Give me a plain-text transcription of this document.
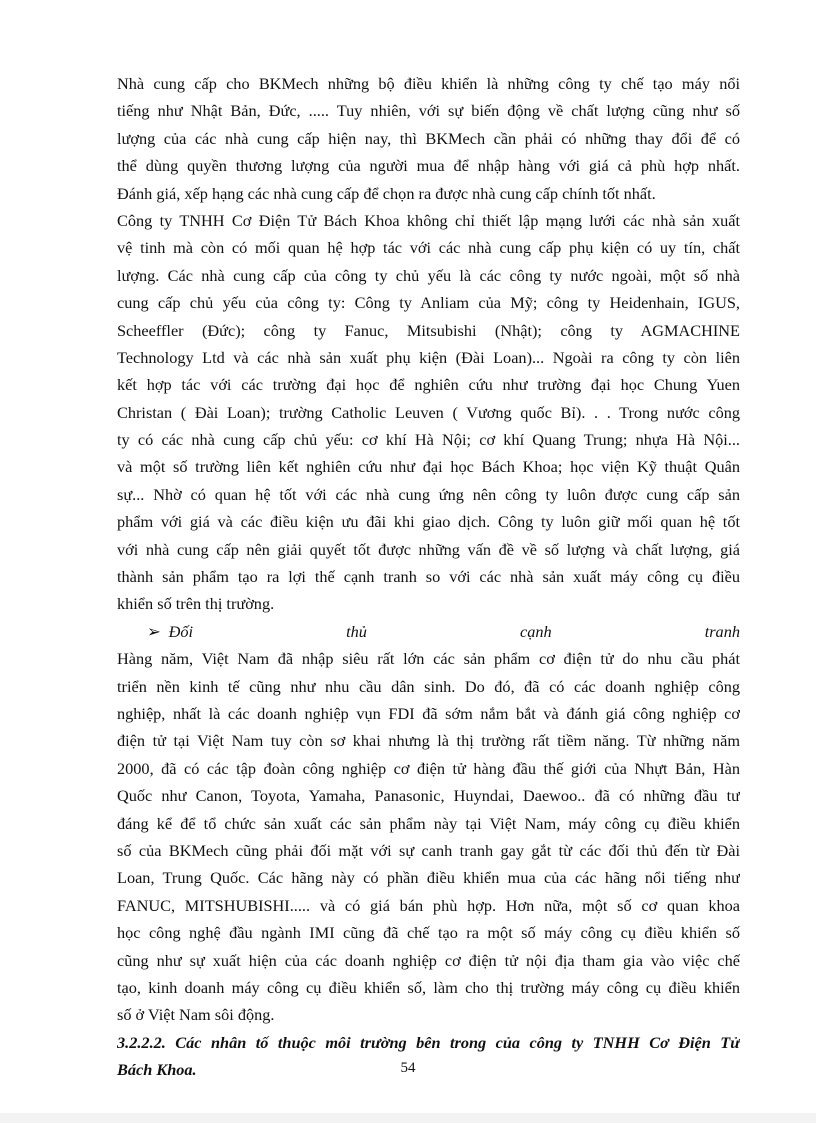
Nhà cung cấp cho BKMech những bộ điều khiển là những công ty chế tạo máy nổi
tiếng như Nhật Bản, Đức, ..... Tuy nhiên, với sự biến động về chất lượng cũng như số
lượng của các nhà cung cấp hiện nay, thì BKMech cần phải có những thay đổi để có
thể dùng quyền thương lượng của người mua để nhập hàng với giá cả phù hợp nhất.
Đánh giá, xếp hạng các nhà cung cấp để chọn ra được nhà cung cấp chính tốt nhất.
Công ty TNHH Cơ Điện Tử Bách Khoa không chỉ thiết lập mạng lưới các nhà sản xuất
vệ tinh mà còn có mối quan hệ hợp tác với các nhà cung cấp phụ kiện có uy tín, chất
lượng. Các nhà cung cấp của công ty chủ yếu là các công ty nước ngoài, một số nhà
cung cấp chủ yếu của công ty: Công ty Anliam của Mỹ; công ty Heidenhain, IGUS,
Scheeffler (Đức); công ty Fanuc, Mitsubishi (Nhật); công ty AGMACHINE
Technology Ltd và các nhà sản xuất phụ kiện (Đài Loan)... Ngoài ra công ty còn liên
kết hợp tác với các trường đại học để nghiên cứu như trường đại học Chung Yuen
Christan ( Đài Loan); trường Catholic Leuven ( Vương quốc Bỉ). . . Trong nước công
ty có các nhà cung cấp chủ yếu: cơ khí Hà Nội; cơ khí Quang Trung; nhựa Hà Nội...
và một số trường liên kết nghiên cứu như đại học Bách Khoa; học viện Kỹ thuật Quân
sự... Nhờ có quan hệ tốt với các nhà cung ứng nên công ty luôn được cung cấp sản
phẩm với giá và các điều kiện ưu đãi khi giao dịch. Công ty luôn giữ mối quan hệ tốt
với nhà cung cấp nên giải quyết tốt được những vấn đề về số lượng và chất lượng, giá
thành sản phẩm tạo ra lợi thế cạnh tranh so với các nhà sản xuất máy công cụ điều
khiển số trên thị trường.
➢ Đối	thủ	cạnh	tranh
Hàng năm, Việt Nam đã nhập siêu rất lớn các sản phẩm cơ điện tử do nhu cầu phát
triển nền kinh tế cũng như nhu cầu dân sinh. Do đó, đã có các doanh nghiệp công
nghiệp, nhất là các doanh nghiệp vụn FDI đã sớm nắm bắt và đánh giá công nghiệp cơ
điện tử tại Việt Nam tuy còn sơ khai nhưng là thị trường rất tiềm năng. Từ những năm
2000, đã có các tập đoàn công nghiệp cơ điện tử hàng đầu thế giới của Nhựt Bản, Hàn
Quốc như Canon, Toyota, Yamaha, Panasonic, Huyndai, Daewoo.. đã có những đầu tư
đáng kể để tổ chức sản xuất các sản phẩm này tại Việt Nam, máy công cụ điều khiển
số của BKMech cũng phải đối mặt với sự canh tranh gay gắt từ các đối thủ đến từ Đài
Loan, Trung Quốc. Các hãng này có phần điều khiển mua của các hãng nổi tiếng như
FANUC, MITSHUBISHI..... và có giá bán phù hợp. Hơn nữa, một số cơ quan khoa
học công nghệ đầu ngành IMI cũng đã chế tạo ra một số máy công cụ điều khiển số
cũng như sự xuất hiện của các doanh nghiệp cơ điện tử nội địa tham gia vào việc chế
tạo, kinh doanh máy công cụ điều khiển số, làm cho thị trường máy công cụ điều khiển
số ở Việt Nam sôi động.
3.2.2.2. Các nhân tố thuộc môi trường bên trong của công ty TNHH Cơ Điện Tử
Bách Khoa.	54
